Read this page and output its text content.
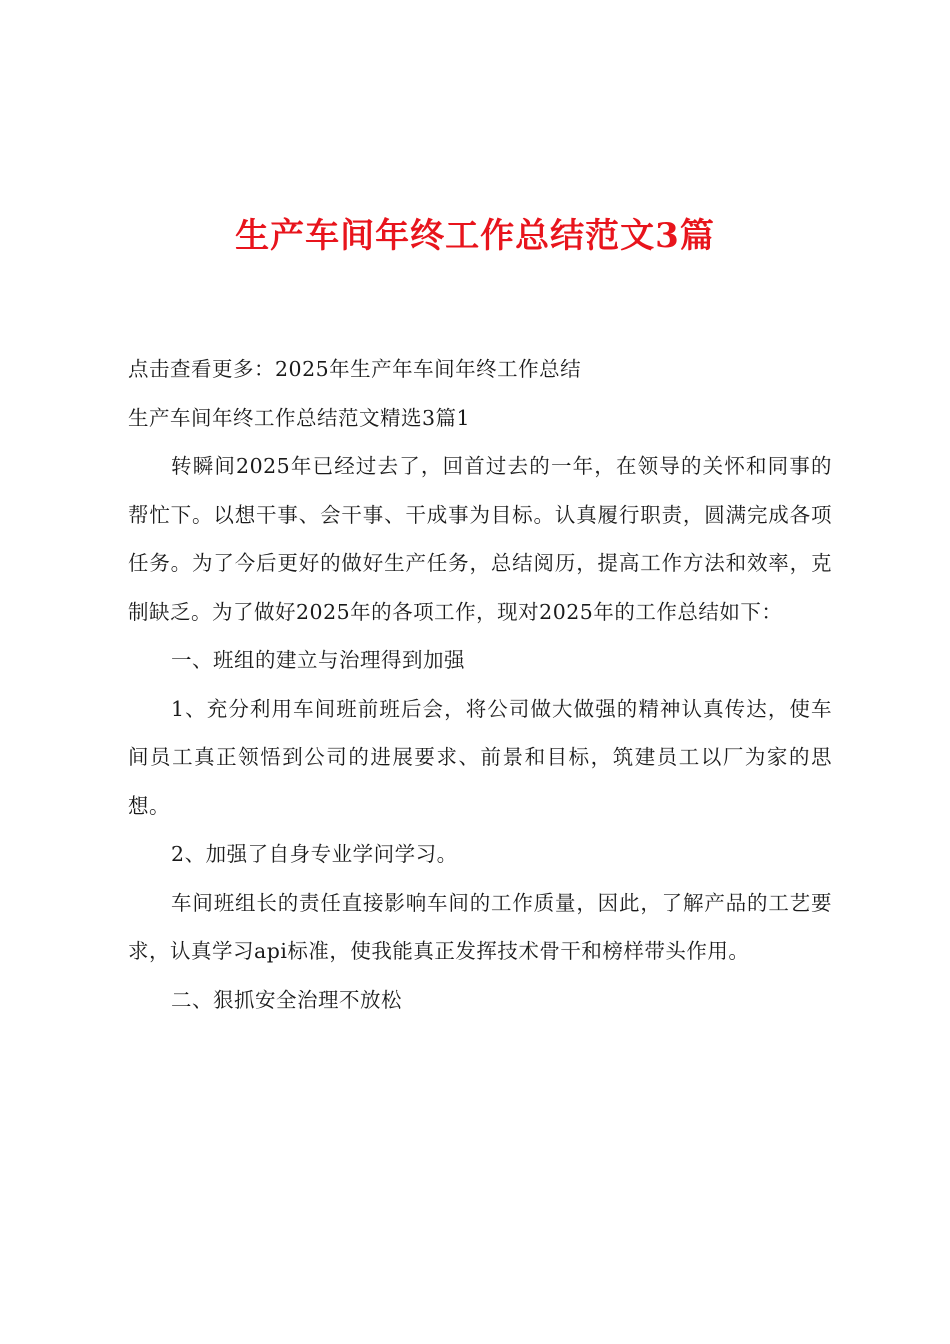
生产车间年终工作总结范文3篇

点击查看更多：2025年生产年车间年终工作总结

生产车间年终工作总结范文精选3篇1

转瞬间2025年已经过去了，回首过去的一年，在领导的关怀和同事的帮忙下。以想干事、会干事、干成事为目标。认真履行职责，圆满完成各项任务。为了今后更好的做好生产任务，总结阅历，提高工作方法和效率，克制缺乏。为了做好2025年的各项工作，现对2025年的工作总结如下：

一、班组的建立与治理得到加强

1、充分利用车间班前班后会，将公司做大做强的精神认真传达，使车间员工真正领悟到公司的进展要求、前景和目标，筑建员工以厂为家的思想。

2、加强了自身专业学问学习。

车间班组长的责任直接影响车间的工作质量，因此，了解产品的工艺要求，认真学习api标准，使我能真正发挥技术骨干和榜样带头作用。

二、狠抓安全治理不放松
